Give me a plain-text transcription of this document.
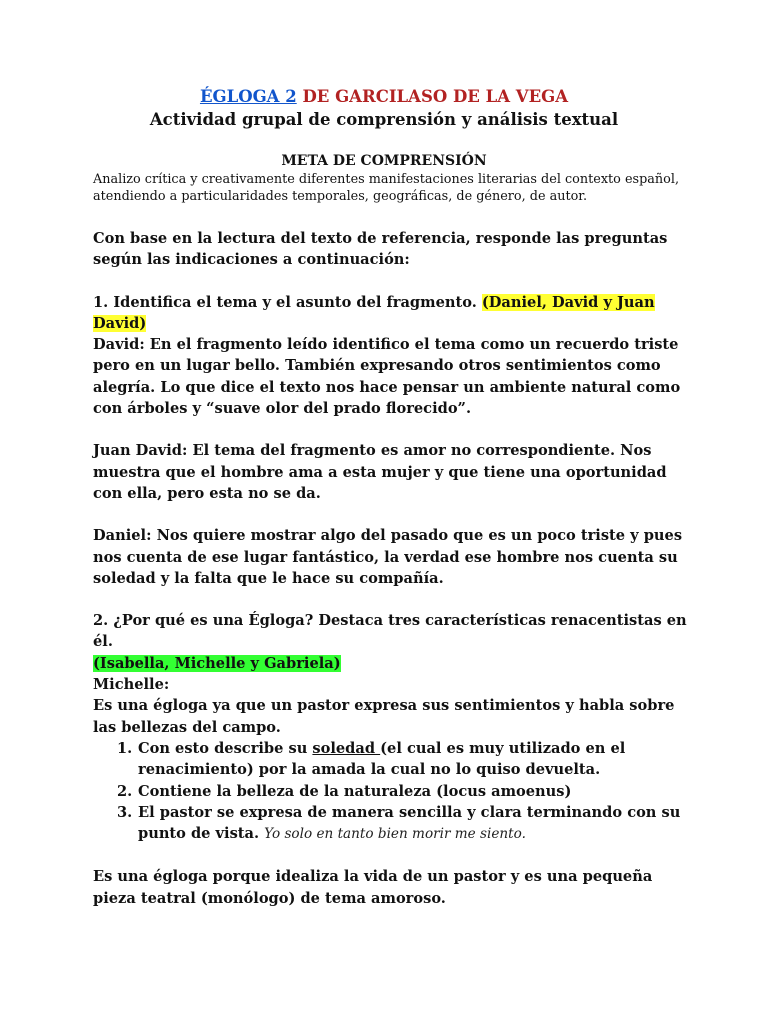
ÉGLOGA 2 DE GARCILASO DE LA VEGA
Actividad grupal de comprensión y análisis textual
META DE COMPRENSIÓN
Analizo crítica y creativamente diferentes manifestaciones literarias del contexto español, atendiendo a particularidades temporales, geográficas, de género, de autor.
Con base en la lectura del texto de referencia, responde las preguntas según las indicaciones a continuación:
1. Identifica el tema y el asunto del fragmento. (Daniel, David y Juan David)
David: En el fragmento leído identifico el tema como un recuerdo triste pero en un lugar bello. También expresando otros sentimientos como alegría. Lo que dice el texto nos hace pensar un ambiente natural como con árboles y “suave olor del prado florecido”.
Juan David: El tema del fragmento es amor no correspondiente. Nos muestra que el hombre ama a esta mujer y que tiene una oportunidad con ella, pero esta no se da.
Daniel: Nos quiere mostrar algo del pasado que es un poco triste y pues nos cuenta de ese lugar fantástico, la verdad ese hombre nos cuenta su soledad y la falta que le hace su compañía.
2. ¿Por qué es una Égloga? Destaca tres características renacentistas en él.
(Isabella, Michelle y Gabriela)
Michelle:
Es una égloga ya que un pastor expresa sus sentimientos y habla sobre las bellezas del campo.
1. Con esto describe su soledad (el cual es muy utilizado en el renacimiento) por la amada la cual no lo quiso devuelta.
2. Contiene la belleza de la naturaleza (locus amoenus)
3. El pastor se expresa de manera sencilla y clara terminando con su punto de vista. Yo solo en tanto bien morir me siento.
Es una égloga porque idealiza la vida de un pastor y es una pequeña pieza teatral (monólogo) de tema amoroso.
